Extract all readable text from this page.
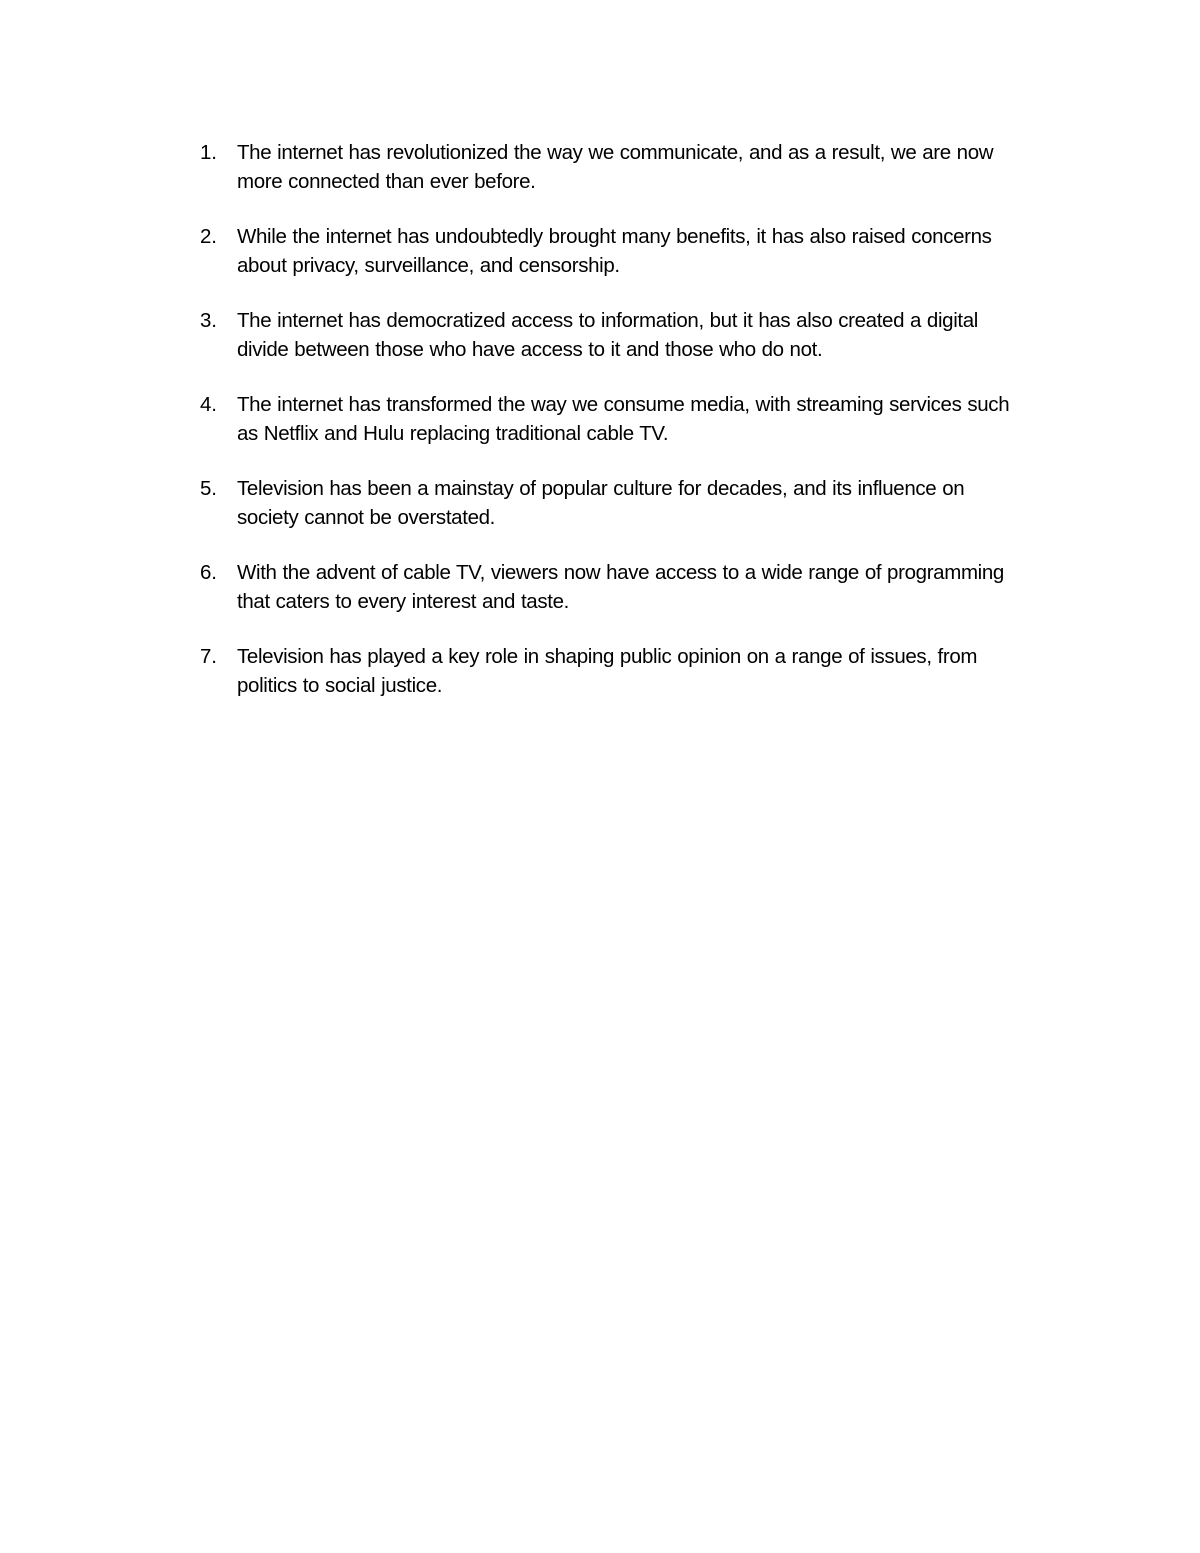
1. The internet has revolutionized the way we communicate, and as a result, we are now more connected than ever before.
2. While the internet has undoubtedly brought many benefits, it has also raised concerns about privacy, surveillance, and censorship.
3. The internet has democratized access to information, but it has also created a digital divide between those who have access to it and those who do not.
4. The internet has transformed the way we consume media, with streaming services such as Netflix and Hulu replacing traditional cable TV.
5. Television has been a mainstay of popular culture for decades, and its influence on society cannot be overstated.
6. With the advent of cable TV, viewers now have access to a wide range of programming that caters to every interest and taste.
7. Television has played a key role in shaping public opinion on a range of issues, from politics to social justice.
